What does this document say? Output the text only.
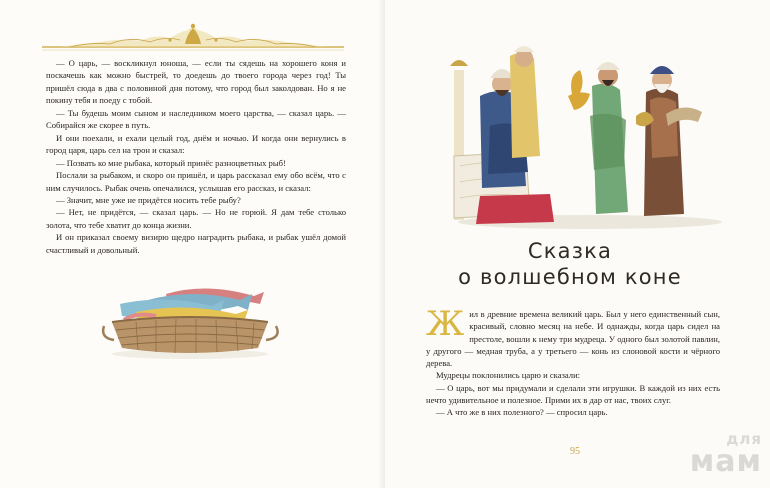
— О царь, — воскликнул юноша, — если ты сядешь на хорошего коня и поскачешь как можно быстрей, то доедешь до твоего города через год! Ты пришёл сюда в два с половиной дня потому, что город был заколдован. Но я не покину тебя и поеду с тобой.

— Ты будешь моим сыном и наследником моего царства, — сказал царь. — Собирайся же скорее в путь.

И они поехали, и ехали целый год, днём и ночью. И когда они вернулись в город царя, царь сел на трон и сказал:

— Позвать ко мне рыбака, который принёс разноцветных рыб!

Послали за рыбаком, и скоро он пришёл, и царь рассказал ему обо всём, что с ним случилось. Рыбак очень опечалился, услышав его рассказ, и сказал:

— Значит, мне уже не придётся носить тебе рыбу?

— Нет, не придётся, — сказал царь. — Но не горюй. Я дам тебе столько золота, что тебе хватит до конца жизни.

И он приказал своему визирю щедро наградить рыбака, и рыбак ушёл домой счастливый и довольный.	Сказка
о волшебном коне

Жил в древние времена великий царь. Был у него единственный сын, красивый, словно месяц на небе. И однажды, когда царь сидел на престоле, вошли к нему три мудреца. У одного был золотой павлин, у другого — медная труба, а у третьего — конь из слоновой кости и чёрного дерева.

Мудрецы поклонились царю и сказали:

— О царь, вот мы придумали и сделали эти игрушки. В каждой из них есть нечто удивительное и полезное. Прими их в дар от нас, твоих слуг.

— А что же в них полезного? — спросил царь.

95
для
мам
